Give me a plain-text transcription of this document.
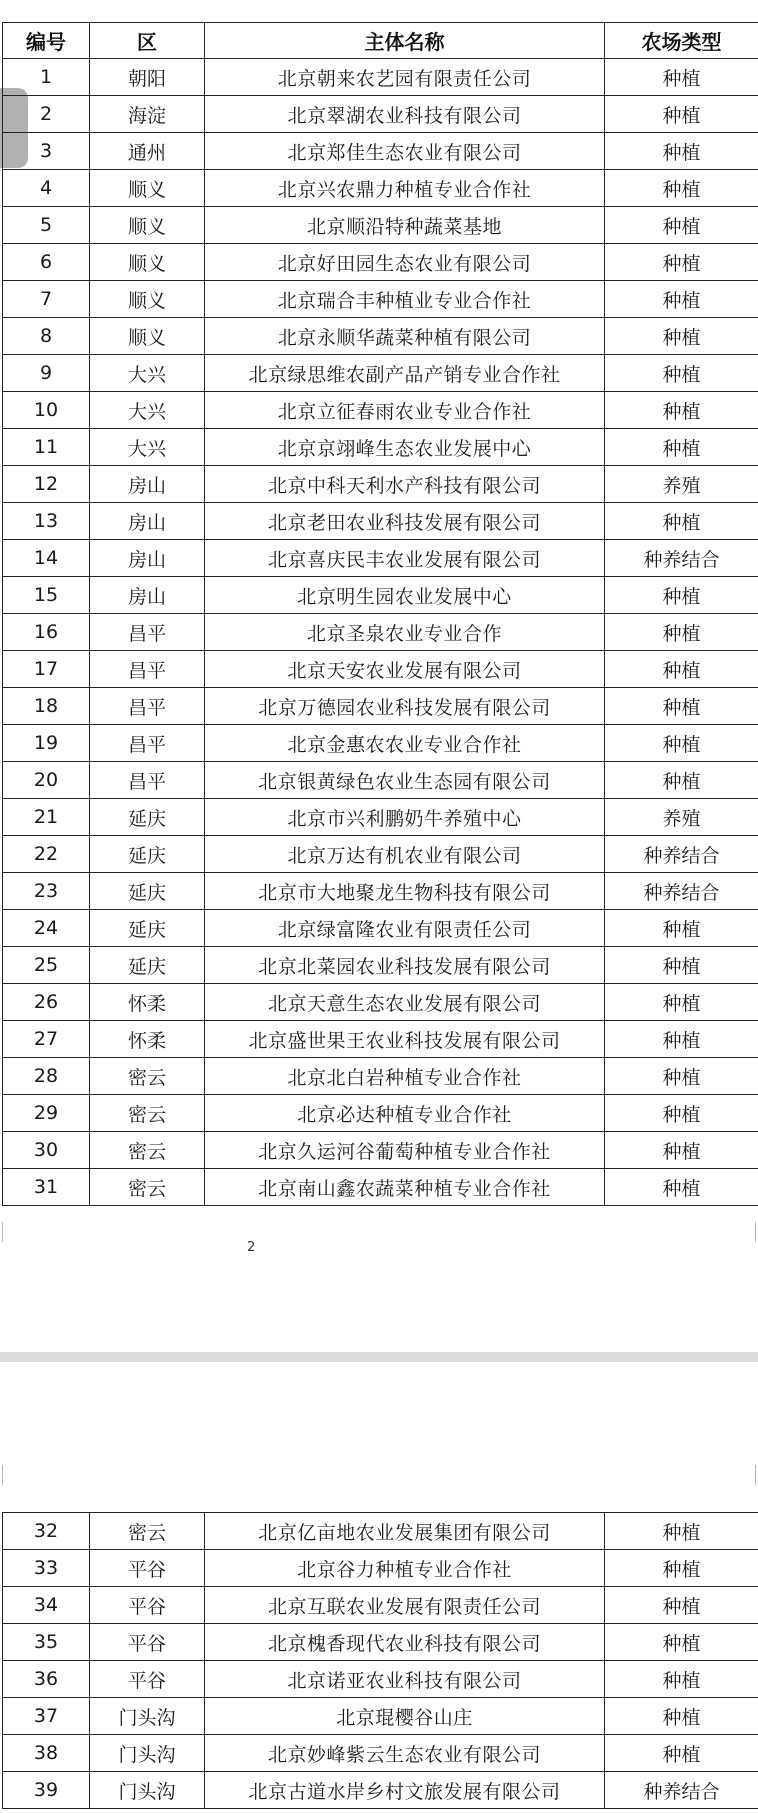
编号	区	主体名称	农场类型
1	朝阳	北京朝来农艺园有限责任公司	种植
2	海淀	北京翠湖农业科技有限公司	种植
3	通州	北京郑佳生态农业有限公司	种植
4	顺义	北京兴农鼎力种植专业合作社	种植
5	顺义	北京顺沿特种蔬菜基地	种植
6	顺义	北京好田园生态农业有限公司	种植
7	顺义	北京瑞合丰种植业专业合作社	种植
8	顺义	北京永顺华蔬菜种植有限公司	种植
9	大兴	北京绿思维农副产品产销专业合作社	种植
10	大兴	北京立征春雨农业专业合作社	种植
11	大兴	北京京翊峰生态农业发展中心	种植
12	房山	北京中科天利水产科技有限公司	养殖
13	房山	北京老田农业科技发展有限公司	种植
14	房山	北京喜庆民丰农业发展有限公司	种养结合
15	房山	北京明生园农业发展中心	种植
16	昌平	北京圣泉农业专业合作	种植
17	昌平	北京天安农业发展有限公司	种植
18	昌平	北京万德园农业科技发展有限公司	种植
19	昌平	北京金惠农农业专业合作社	种植
20	昌平	北京银黄绿色农业生态园有限公司	种植
21	延庆	北京市兴利鹏奶牛养殖中心	养殖
22	延庆	北京万达有机农业有限公司	种养结合
23	延庆	北京市大地聚龙生物科技有限公司	种养结合
24	延庆	北京绿富隆农业有限责任公司	种植
25	延庆	北京北菜园农业科技发展有限公司	种植
26	怀柔	北京天意生态农业发展有限公司	种植
27	怀柔	北京盛世果王农业科技发展有限公司	种植
28	密云	北京北白岩种植专业合作社	种植
29	密云	北京必达种植专业合作社	种植
30	密云	北京久运河谷葡萄种植专业合作社	种植
31	密云	北京南山鑫农蔬菜种植专业合作社	种植
2
32	密云	北京亿亩地农业发展集团有限公司	种植
33	平谷	北京谷力种植专业合作社	种植
34	平谷	北京互联农业发展有限责任公司	种植
35	平谷	北京槐香现代农业科技有限公司	种植
36	平谷	北京诺亚农业科技有限公司	种植
37	门头沟	北京琨樱谷山庄	种植
38	门头沟	北京妙峰紫云生态农业有限公司	种植
39	门头沟	北京古道水岸乡村文旅发展有限公司	种养结合
